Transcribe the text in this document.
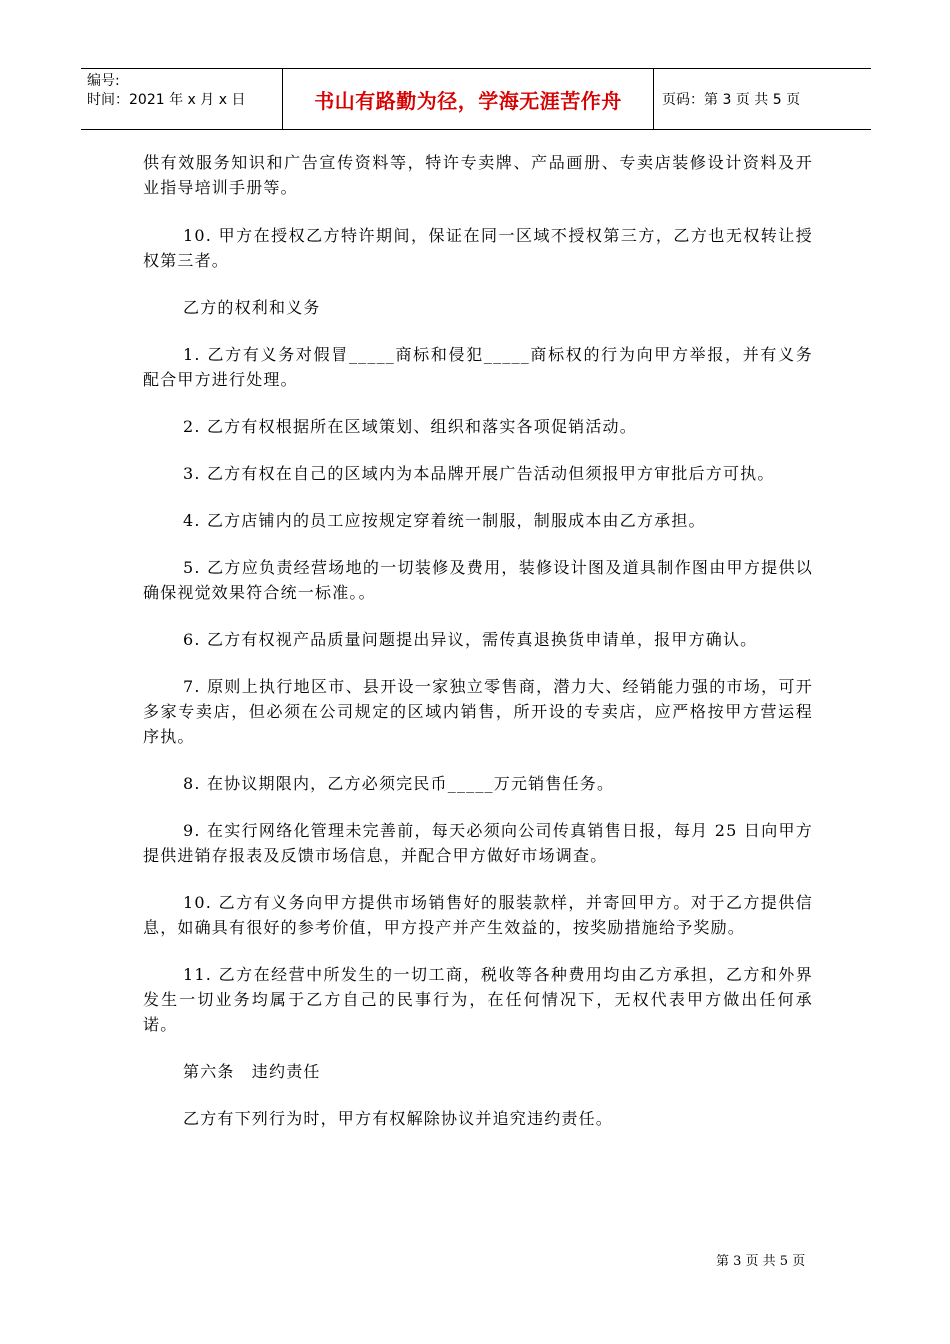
编号:
时间：2021 年 x 月 x 日	书山有路勤为径，学海无涯苦作舟	页码：第 3 页 共 5 页

供有效服务知识和广告宣传资料等，特许专卖牌、产品画册、专卖店装修设计资料及开业指导培训手册等。

10. 甲方在授权乙方特许期间，保证在同一区域不授权第三方，乙方也无权转让授权第三者。

乙方的权利和义务

1. 乙方有义务对假冒_____商标和侵犯_____商标权的行为向甲方举报，并有义务配合甲方进行处理。

2. 乙方有权根据所在区域策划、组织和落实各项促销活动。

3. 乙方有权在自己的区域内为本品牌开展广告活动但须报甲方审批后方可执。

4. 乙方店铺内的员工应按规定穿着统一制服，制服成本由乙方承担。

5. 乙方应负责经营场地的一切装修及费用，装修设计图及道具制作图由甲方提供以确保视觉效果符合统一标准。。

6. 乙方有权视产品质量问题提出异议，需传真退换货申请单，报甲方确认。

7. 原则上执行地区市、县开设一家独立零售商，潜力大、经销能力强的市场，可开多家专卖店，但必须在公司规定的区域内销售，所开设的专卖店，应严格按甲方营运程序执。

8. 在协议期限内，乙方必须完民币_____万元销售任务。

9. 在实行网络化管理未完善前，每天必须向公司传真销售日报，每月 25 日向甲方提供进销存报表及反馈市场信息，并配合甲方做好市场调查。

10. 乙方有义务向甲方提供市场销售好的服装款样，并寄回甲方。对于乙方提供信息，如确具有很好的参考价值，甲方投产并产生效益的，按奖励措施给予奖励。

11. 乙方在经营中所发生的一切工商，税收等各种费用均由乙方承担，乙方和外界发生一切业务均属于乙方自己的民事行为，在任何情况下，无权代表甲方做出任何承诺。

第六条　违约责任

乙方有下列行为时，甲方有权解除协议并追究违约责任。

第 3 页 共 5 页
